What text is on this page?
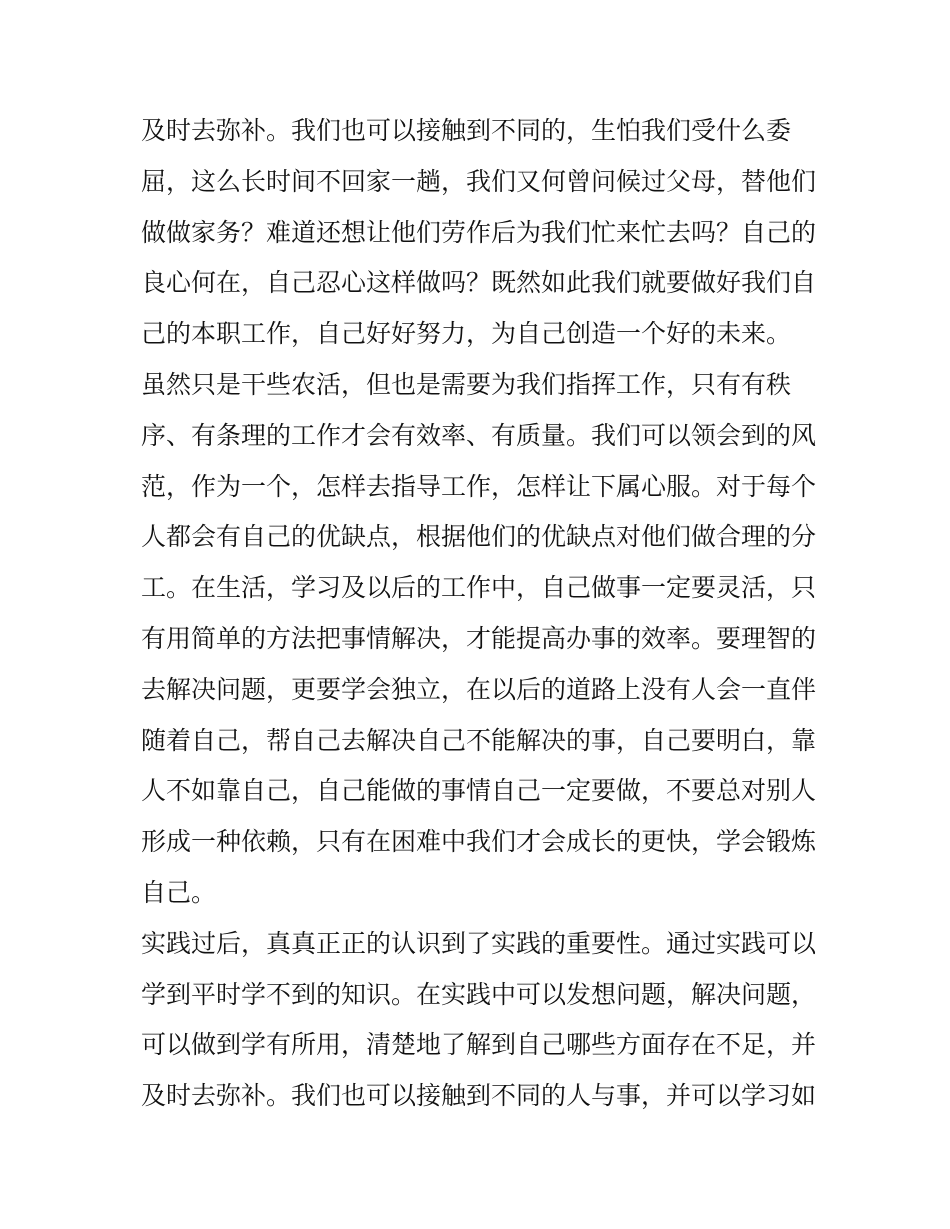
及时去弥补。我们也可以接触到不同的，生怕我们受什么委
屈，这么长时间不回家一趟，我们又何曾问候过父母，替他们
做做家务？难道还想让他们劳作后为我们忙来忙去吗？自己的
良心何在，自己忍心这样做吗？既然如此我们就要做好我们自
己的本职工作，自己好好努力，为自己创造一个好的未来。
虽然只是干些农活，但也是需要为我们指挥工作，只有有秩
序、有条理的工作才会有效率、有质量。我们可以领会到的风
范，作为一个，怎样去指导工作，怎样让下属心服。对于每个
人都会有自己的优缺点，根据他们的优缺点对他们做合理的分
工。在生活，学习及以后的工作中，自己做事一定要灵活，只
有用简单的方法把事情解决，才能提高办事的效率。要理智的
去解决问题，更要学会独立，在以后的道路上没有人会一直伴
随着自己，帮自己去解决自己不能解决的事，自己要明白，靠
人不如靠自己，自己能做的事情自己一定要做，不要总对别人
形成一种依赖，只有在困难中我们才会成长的更快，学会锻炼
自己。
实践过后，真真正正的认识到了实践的重要性。通过实践可以
学到平时学不到的知识。在实践中可以发想问题，解决问题，
可以做到学有所用，清楚地了解到自己哪些方面存在不足，并
及时去弥补。我们也可以接触到不同的人与事，并可以学习如
